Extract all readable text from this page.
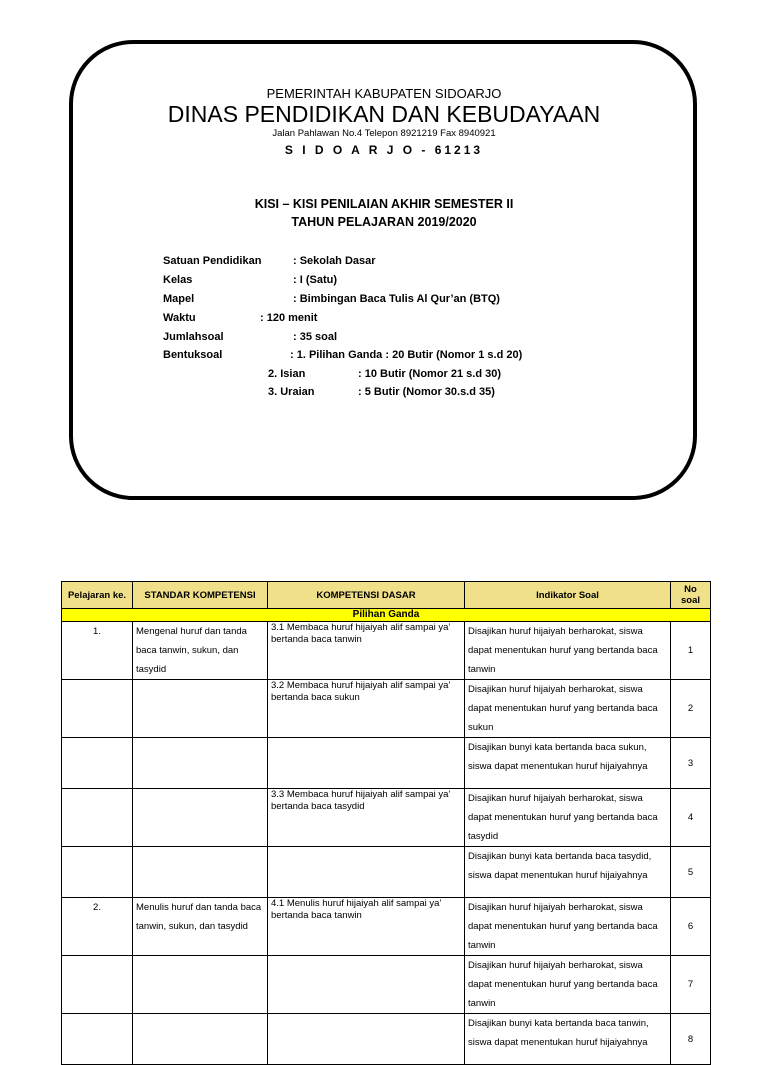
PEMERINTAH KABUPATEN SIDOARJO
DINAS PENDIDIKAN DAN KEBUDAYAAN
Jalan Pahlawan No.4 Telepon 8921219 Fax 8940921
S I D O A R J O - 61213
KISI – KISI PENILAIAN AKHIR SEMESTER II
TAHUN PELAJARAN 2019/2020
Satuan Pendidikan	: Sekolah Dasar
Kelas	: I (Satu)
Mapel	: Bimbingan Baca Tulis Al Qur’an (BTQ)
Waktu	: 120 menit
Jumlahsoal	: 35 soal
Bentuksoal	: 1. Pilihan Ganda : 20 Butir (Nomor 1 s.d 20)
2. Isian	: 10 Butir (Nomor 21 s.d 30)
3. Uraian	: 5 Butir (Nomor 30.s.d 35)
Pelajaran ke.	STANDAR KOMPETENSI	KOMPETENSI DASAR	Indikator Soal	No soal
Pilihan Ganda				
1.	Mengenal huruf dan tanda baca tanwin, sukun, dan tasydid	3.1 Membaca huruf hijaiyah alif sampai ya’ bertanda baca tanwin	Disajikan huruf hijaiyah berharokat, siswa dapat menentukan huruf yang bertanda baca tanwin	1

		3.2 Membaca huruf hijaiyah alif sampai ya’ bertanda baca sukun	Disajikan huruf hijaiyah berharokat, siswa dapat menentukan huruf yang bertanda baca sukun	2
			Disajikan bunyi kata bertanda baca sukun, siswa dapat menentukan huruf hijaiyahnya	3

		3.3 Membaca huruf hijaiyah alif sampai ya’ bertanda baca tasydid	Disajikan huruf hijaiyah berharokat, siswa dapat menentukan huruf yang bertanda baca tasydid	4
			Disajikan bunyi kata bertanda baca tasydid, siswa dapat menentukan huruf hijaiyahnya	5
2.	Menulis huruf dan tanda baca tanwin, sukun, dan tasydid	4.1 Menulis huruf hijaiyah alif sampai ya’ bertanda baca tanwin	Disajikan huruf hijaiyah berharokat, siswa dapat menentukan huruf yang bertanda baca tanwin	6
			Disajikan huruf hijaiyah berharokat, siswa dapat menentukan huruf yang bertanda baca tanwin	7
			Disajikan bunyi kata bertanda baca tanwin, siswa dapat menentukan huruf hijaiyahnya	8
